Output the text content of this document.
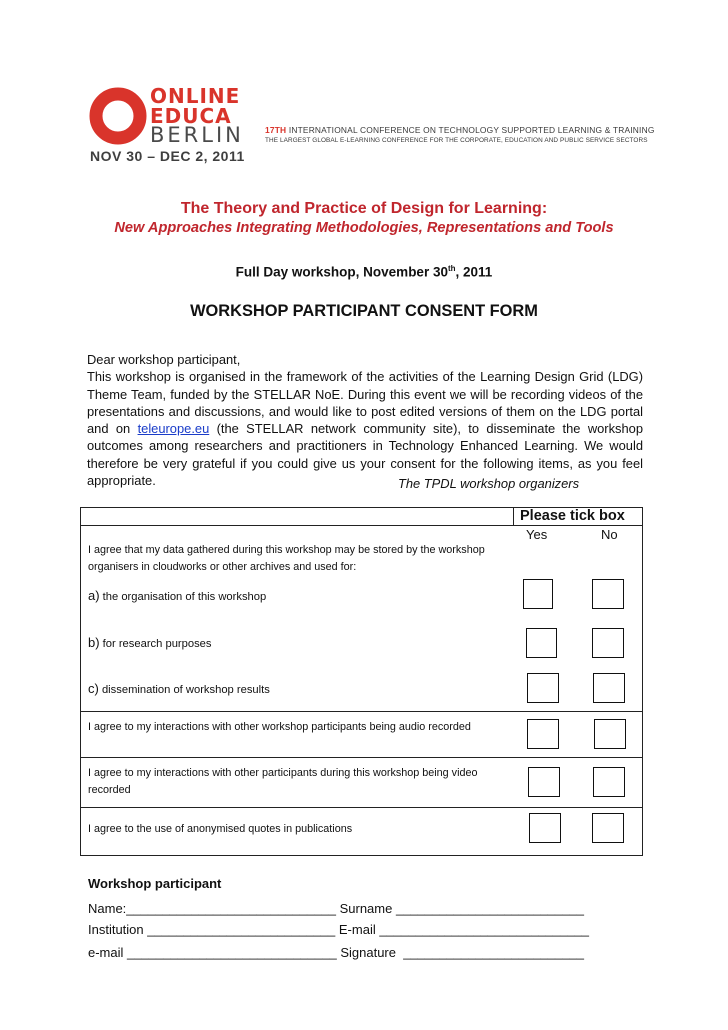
ONLINE
EDUCA
BERLIN
NOV 30 – DEC 2, 2011
17TH INTERNATIONAL CONFERENCE ON TECHNOLOGY SUPPORTED LEARNING & TRAINING
THE LARGEST GLOBAL E-LEARNING CONFERENCE FOR THE CORPORATE, EDUCATION AND PUBLIC SERVICE SECTORS
The Theory and Practice of Design for Learning:
New Approaches Integrating Methodologies, Representations and Tools
Full Day workshop, November 30th, 2011
WORKSHOP PARTICIPANT CONSENT FORM
Dear workshop participant,
This workshop is organised in the framework of the activities of the Learning Design Grid (LDG) Theme Team, funded by the STELLAR NoE. During this event we will be recording videos of the presentations and discussions, and would like to post edited versions of them on the LDG portal and on teleurope.eu (the STELLAR network community site), to disseminate the workshop outcomes among researchers and practitioners in Technology Enhanced Learning. We would therefore be very grateful if you could give us your consent for the following items, as you feel appropriate.	The TPDL workshop organizers
Please tick box
Yes	No
I agree that my data gathered during this workshop may be stored by the workshop organisers in cloudworks or other archives and used for:
a) the organisation of this workshop
b) for research purposes
c) dissemination of workshop results
I agree to my interactions with other workshop participants being audio recorded
I agree to my interactions with other participants during this workshop being video recorded
I agree to the use of anonymised quotes in publications
Workshop participant
Name:_____________________________ Surname __________________________
Institution __________________________ E-mail _____________________________
e-mail _____________________________ Signature _________________________
